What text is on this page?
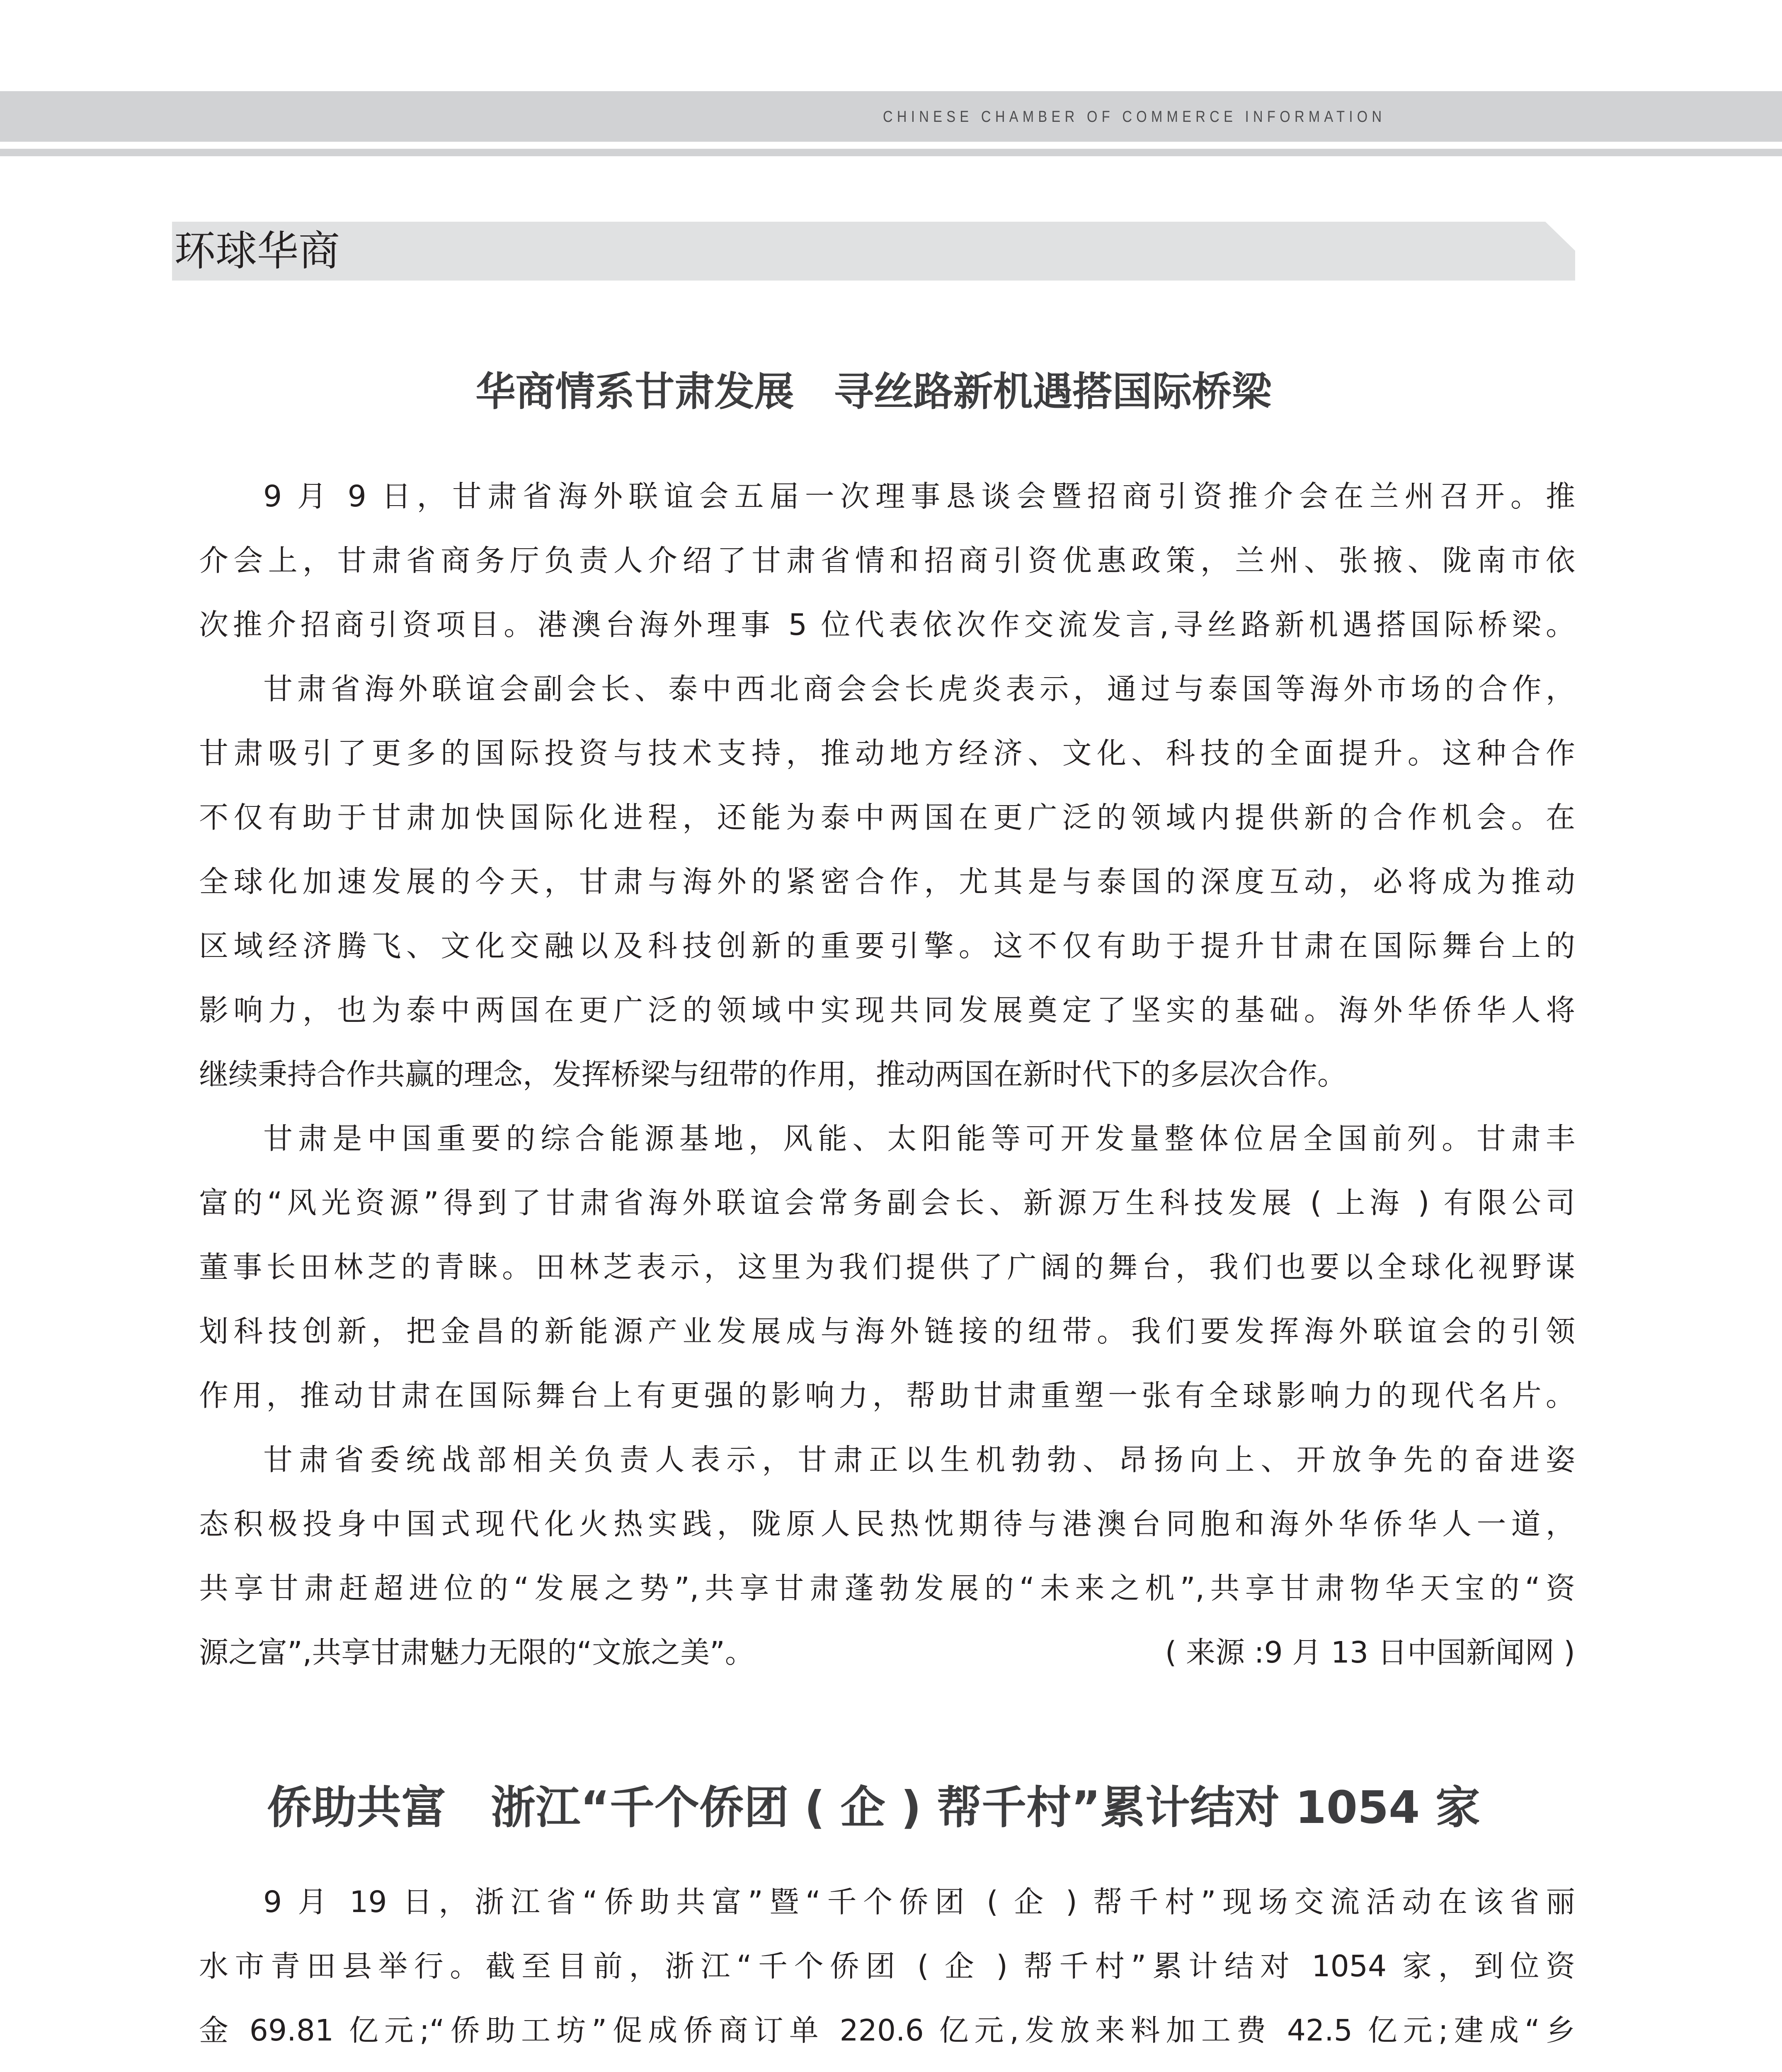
CHINESE CHAMBER OF COMMERCE INFORMATION
环球华商
华商情系甘肃发展　寻丝路新机遇搭国际桥梁
9 月 9 日，甘肃省海外联谊会五届一次理事恳谈会暨招商引资推介会在兰州召开。推
介会上，甘肃省商务厅负责人介绍了甘肃省情和招商引资优惠政策，兰州、张掖、陇南市依
次推介招商引资项目。港澳台海外理事 5 位代表依次作交流发言,寻丝路新机遇搭国际桥梁。
甘肃省海外联谊会副会长、泰中西北商会会长虎炎表示，通过与泰国等海外市场的合作，
甘肃吸引了更多的国际投资与技术支持，推动地方经济、文化、科技的全面提升。这种合作
不仅有助于甘肃加快国际化进程，还能为泰中两国在更广泛的领域内提供新的合作机会。在
全球化加速发展的今天，甘肃与海外的紧密合作，尤其是与泰国的深度互动，必将成为推动
区域经济腾飞、文化交融以及科技创新的重要引擎。这不仅有助于提升甘肃在国际舞台上的
影响力，也为泰中两国在更广泛的领域中实现共同发展奠定了坚实的基础。海外华侨华人将
继续秉持合作共赢的理念，发挥桥梁与纽带的作用，推动两国在新时代下的多层次合作。
甘肃是中国重要的综合能源基地，风能、太阳能等可开发量整体位居全国前列。甘肃丰
富的“风光资源”得到了甘肃省海外联谊会常务副会长、新源万生科技发展 ( 上海 ) 有限公司
董事长田林芝的青睐。田林芝表示，这里为我们提供了广阔的舞台，我们也要以全球化视野谋
划科技创新，把金昌的新能源产业发展成与海外链接的纽带。我们要发挥海外联谊会的引领
作用，推动甘肃在国际舞台上有更强的影响力，帮助甘肃重塑一张有全球影响力的现代名片。
甘肃省委统战部相关负责人表示，甘肃正以生机勃勃、昂扬向上、开放争先的奋进姿
态积极投身中国式现代化火热实践，陇原人民热忱期待与港澳台同胞和海外华侨华人一道，
共享甘肃赶超进位的“发展之势”,共享甘肃蓬勃发展的“未来之机”,共享甘肃物华天宝的“资
源之富”,共享甘肃魅力无限的“文旅之美”。	( 来源 :9 月 13 日中国新闻网 )
侨助共富　浙江“千个侨团 ( 企 ) 帮千村”累计结对 1054 家
9 月 19 日，浙江省“侨助共富”暨“千个侨团 ( 企 ) 帮千村”现场交流活动在该省丽
水市青田县举行。截至目前，浙江“千个侨团 ( 企 ) 帮千村”累计结对 1054 家，到位资
金 69.81 亿元;“侨助工坊”促成侨商订单 220.6 亿元,发放来料加工费 42.5 亿元;建成“乡
